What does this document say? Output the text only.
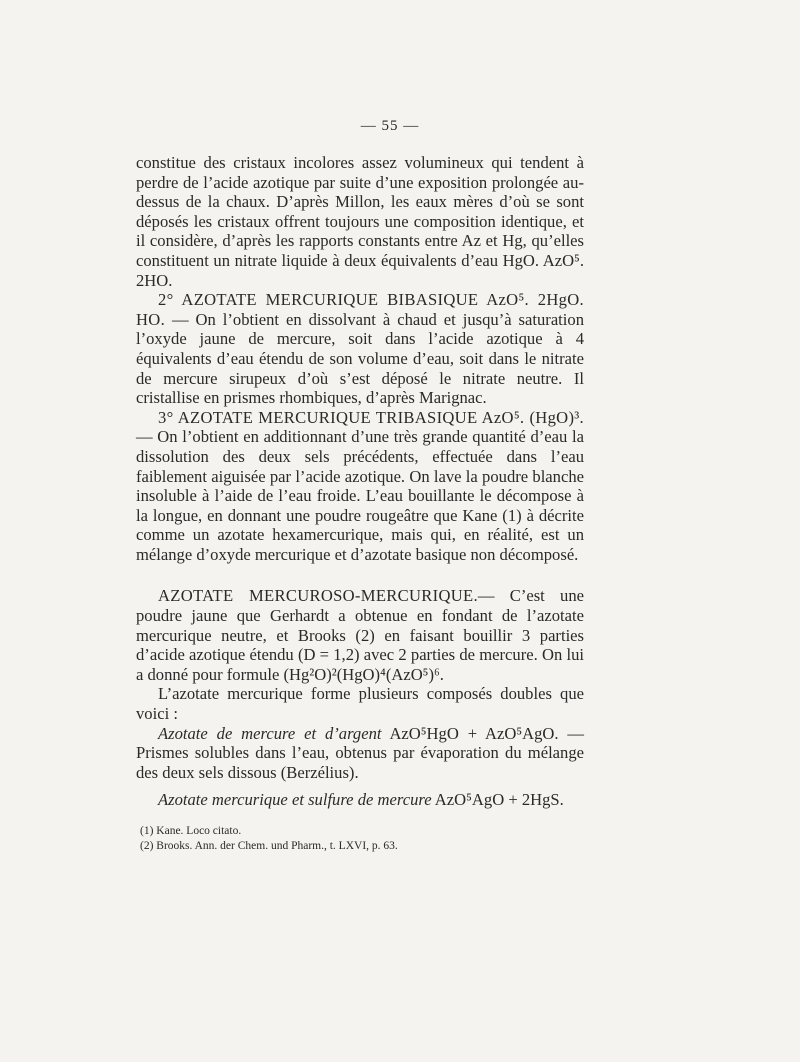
— 55 —

constitue des cristaux incolores assez volumineux qui tendent à perdre de l’acide azotique par suite d’une exposition prolongée au-dessus de la chaux. D’après Millon, les eaux mères d’où se sont déposés les cristaux offrent toujours une composition identique, et il considère, d’après les rapports constants entre Az et Hg, qu’elles constituent un nitrate liquide à deux équivalents d’eau HgO. AzO⁵. 2HO.

2° AZOTATE MERCURIQUE BIBASIQUE AzO⁵. 2HgO. HO. — On l’obtient en dissolvant à chaud et jusqu’à saturation l’oxyde jaune de mercure, soit dans l’acide azotique à 4 équivalents d’eau étendu de son volume d’eau, soit dans le nitrate de mercure sirupeux d’où s’est déposé le nitrate neutre. Il cristallise en prismes rhombiques, d’après Marignac.

3° AZOTATE MERCURIQUE TRIBASIQUE AzO⁵. (HgO)³. — On l’obtient en additionnant d’une très grande quantité d’eau la dissolution des deux sels précédents, effectuée dans l’eau faiblement aiguisée par l’acide azotique. On lave la poudre blanche insoluble à l’aide de l’eau froide. L’eau bouillante le décompose à la longue, en donnant une poudre rougeâtre que Kane (1) à décrite comme un azotate hexamercurique, mais qui, en réalité, est un mélange d’oxyde mercurique et d’azotate basique non décomposé.

AZOTATE MERCUROSO-MERCURIQUE.— C’est une poudre jaune que Gerhardt a obtenue en fondant de l’azotate mercurique neutre, et Brooks (2) en faisant bouillir 3 parties d’acide azotique étendu (D = 1,2) avec 2 parties de mercure. On lui a donné pour formule (Hg²O)²(HgO)⁴(AzO⁵)⁶.

L’azotate mercurique forme plusieurs composés doubles que voici :

Azotate de mercure et d’argent AzO⁵HgO + AzO⁵AgO. — Prismes solubles dans l’eau, obtenus par évaporation du mélange des deux sels dissous (Berzélius).

Azotate mercurique et sulfure de mercure AzO⁵AgO + 2HgS.

(1) Kane. Loco citato.
(2) Brooks. Ann. der Chem. und Pharm., t. LXVI, p. 63.
